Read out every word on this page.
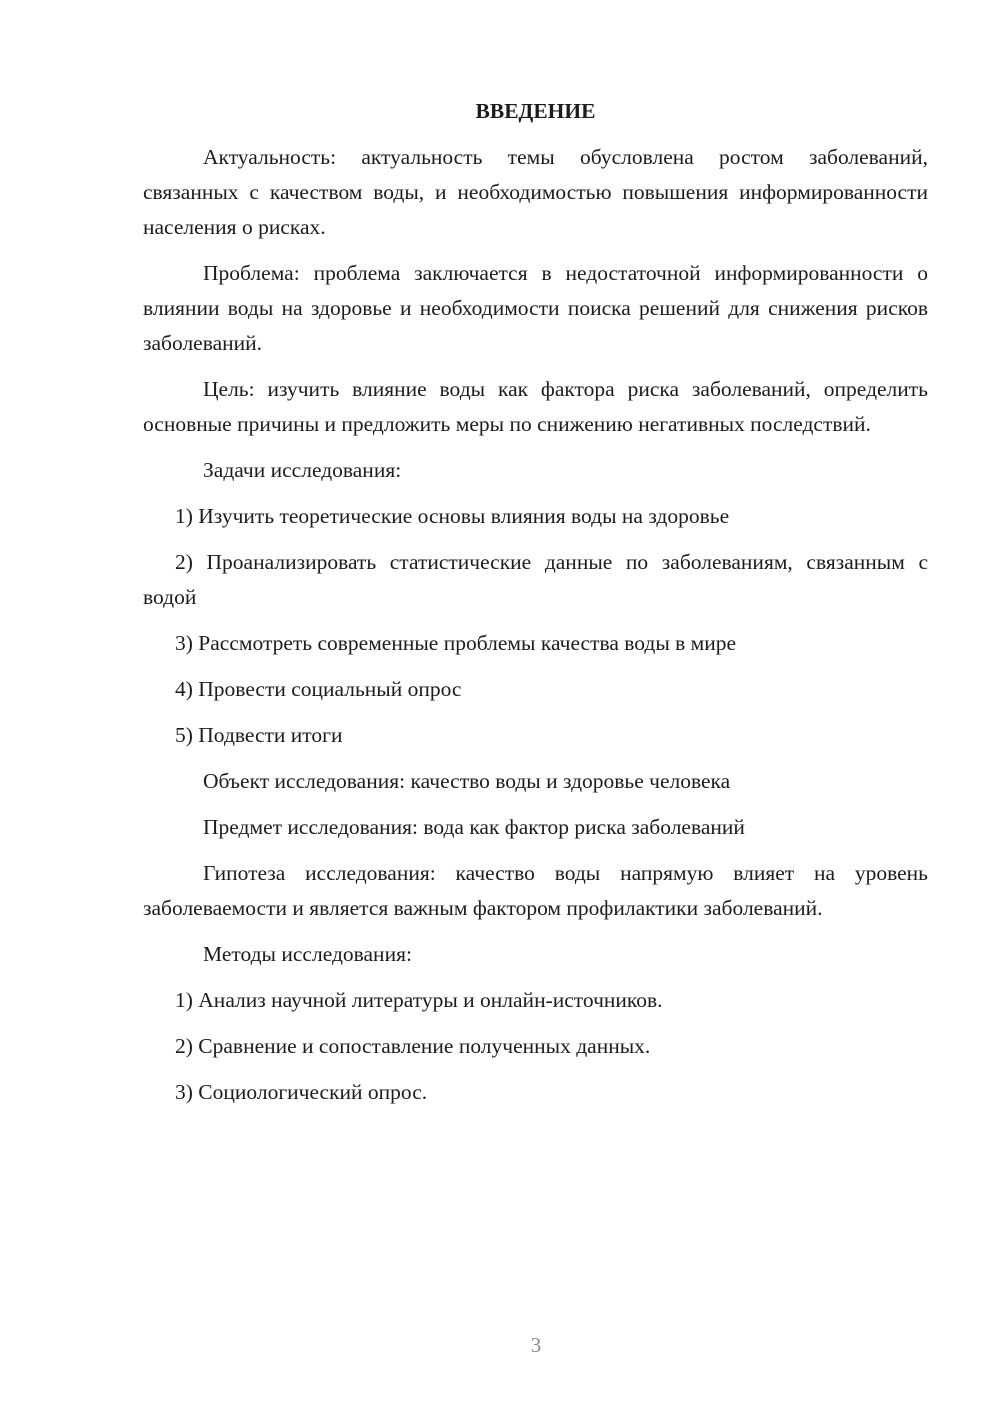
ВВЕДЕНИЕ

Актуальность: актуальность темы обусловлена ростом заболеваний, связанных с качеством воды, и необходимостью повышения информированности населения о рисках.

Проблема: проблема заключается в недостаточной информированности о влиянии воды на здоровье и необходимости поиска решений для снижения рисков заболеваний.

Цель: изучить влияние воды как фактора риска заболеваний, определить основные причины и предложить меры по снижению негативных последствий.

Задачи исследования:

1) Изучить теоретические основы влияния воды на здоровье

2) Проанализировать статистические данные по заболеваниям, связанным с водой

3) Рассмотреть современные проблемы качества воды в мире

4) Провести социальный опрос

5) Подвести итоги

Объект исследования: качество воды и здоровье человека

Предмет исследования: вода как фактор риска заболеваний

Гипотеза исследования: качество воды напрямую влияет на уровень заболеваемости и является важным фактором профилактики заболеваний.

Методы исследования:

1) Анализ научной литературы и онлайн-источников.

2) Сравнение и сопоставление полученных данных.

3) Социологический опрос.

3
